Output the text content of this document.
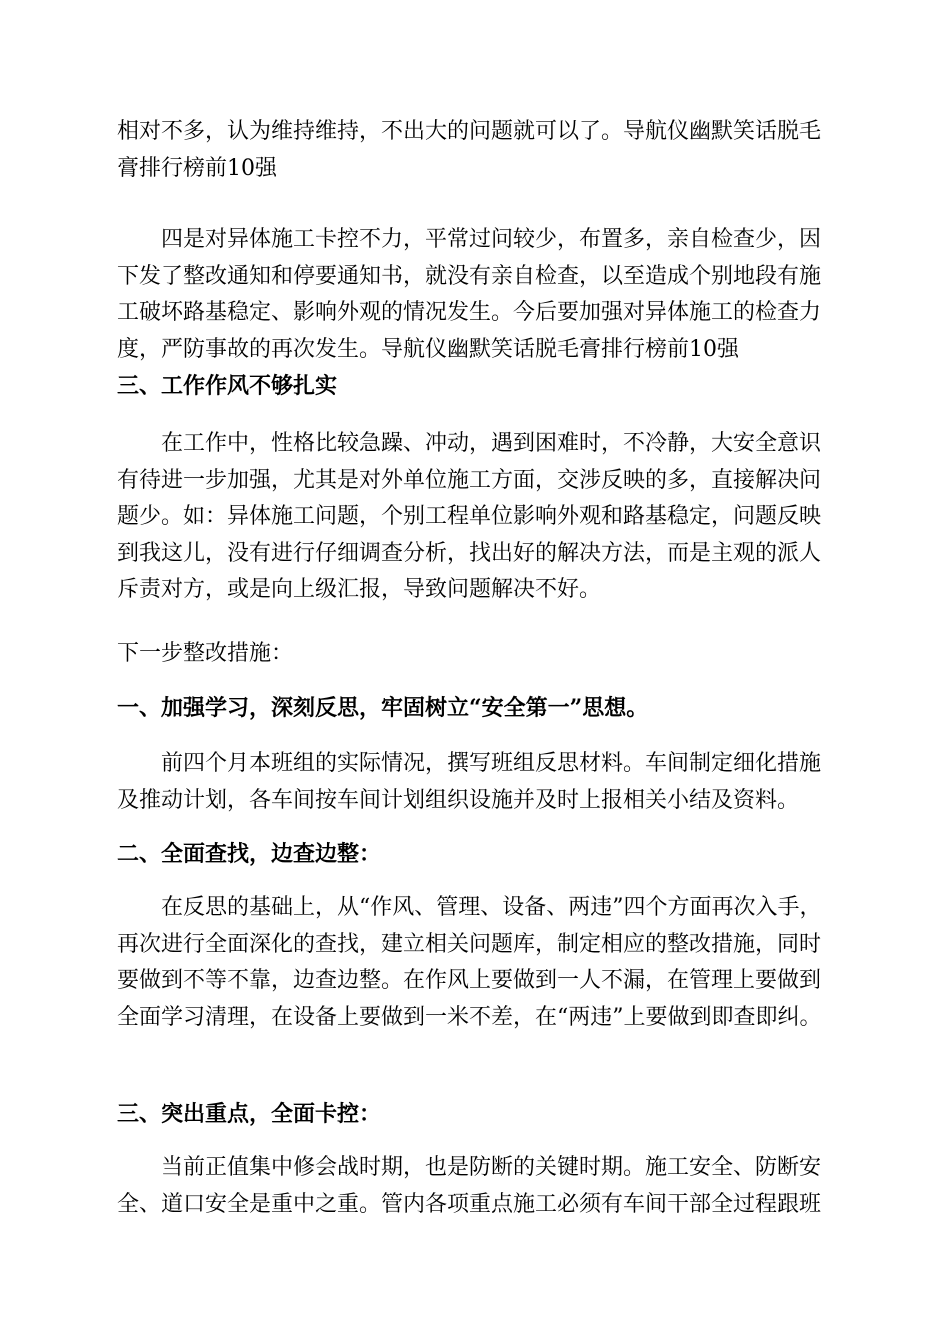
相对不多，认为维持维持，不出大的问题就可以了。导航仪幽默笑话脱毛膏排行榜前10强

四是对异体施工卡控不力，平常过问较少，布置多，亲自检查少，因下发了整改通知和停要通知书，就没有亲自检查，以至造成个别地段有施工破坏路基稳定、影响外观的情况发生。今后要加强对异体施工的检查力度，严防事故的再次发生。导航仪幽默笑话脱毛膏排行榜前10强

三、工作作风不够扎实

在工作中，性格比较急躁、冲动，遇到困难时，不冷静，大安全意识有待进一步加强，尤其是对外单位施工方面，交涉反映的多，直接解决问题少。如：异体施工问题，个别工程单位影响外观和路基稳定，问题反映到我这儿，没有进行仔细调查分析，找出好的解决方法，而是主观的派人斥责对方，或是向上级汇报，导致问题解决不好。

下一步整改措施：

一、加强学习，深刻反思，牢固树立“安全第一”思想。

前四个月本班组的实际情况，撰写班组反思材料。车间制定细化措施及推动计划，各车间按车间计划组织设施并及时上报相关小结及资料。

二、全面查找，边查边整：

在反思的基础上，从“作风、管理、设备、两违”四个方面再次入手，再次进行全面深化的查找，建立相关问题库，制定相应的整改措施，同时要做到不等不靠，边查边整。在作风上要做到一人不漏，在管理上要做到全面学习清理，在设备上要做到一米不差，在“两违”上要做到即查即纠。

三、突出重点，全面卡控：

当前正值集中修会战时期，也是防断的关键时期。施工安全、防断安全、道口安全是重中之重。管内各项重点施工必须有车间干部全过程跟班
